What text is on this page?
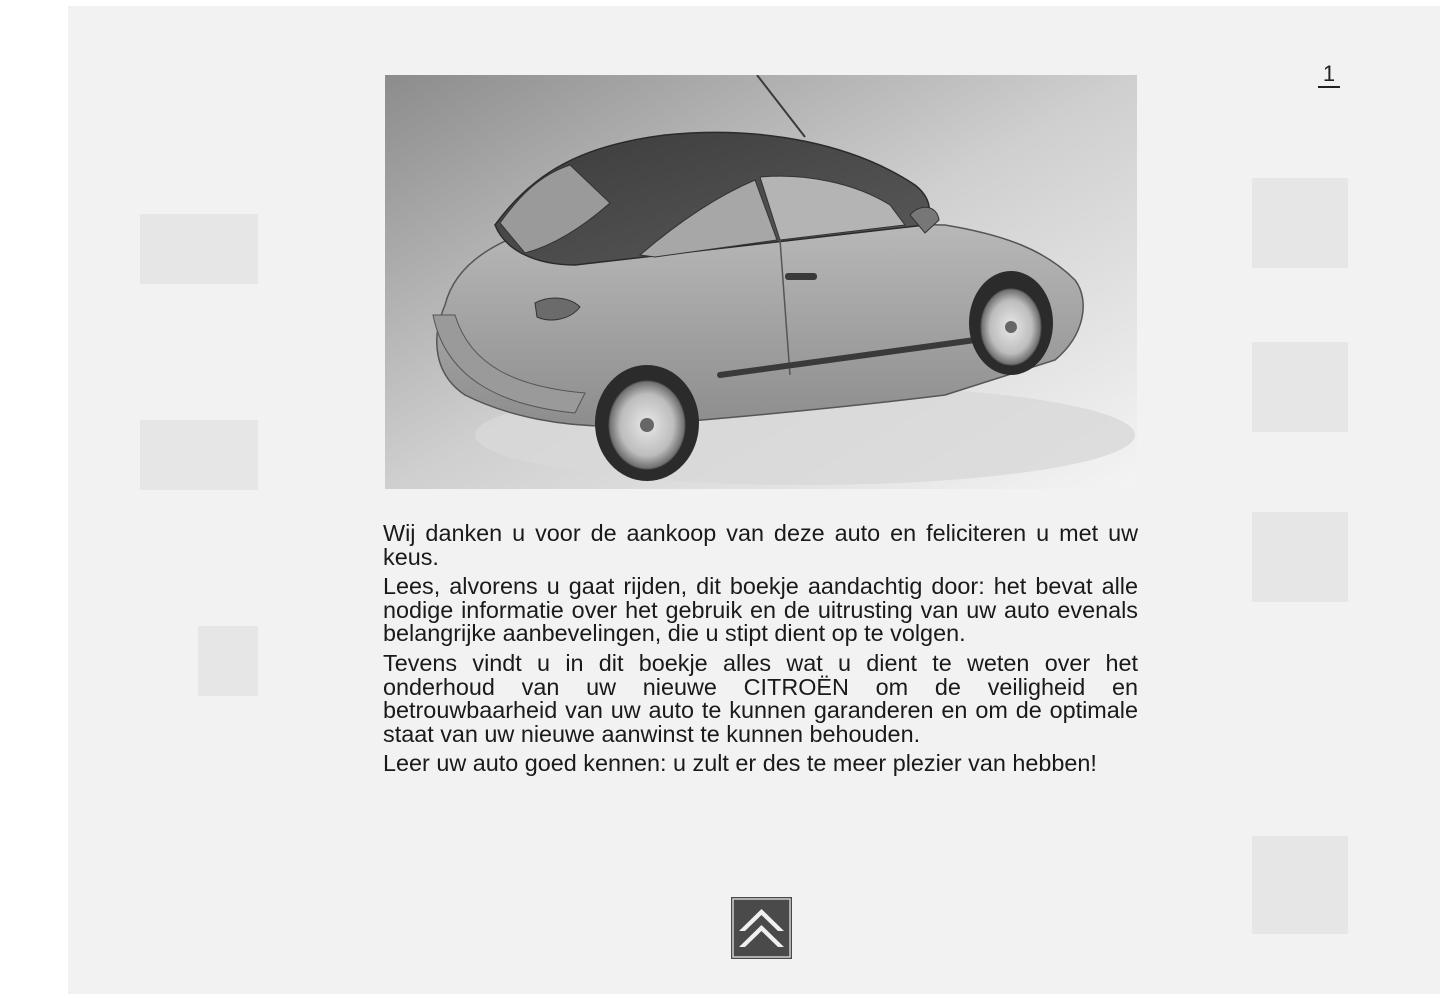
1

Wij danken u voor de aankoop van deze auto en feliciteren u met uw keus.

Lees, alvorens u gaat rijden, dit boekje aandachtig door: het bevat alle nodige informatie over het gebruik en de uitrusting van uw auto evenals belangrijke aanbevelingen, die u stipt dient op te volgen.

Tevens vindt u in dit boekje alles wat u dient te weten over het onderhoud van uw nieuwe CITROËN om de veiligheid en betrouwbaarheid van uw auto te kunnen garanderen en om de optimale staat van uw nieuwe aanwinst te kunnen behouden.

Leer uw auto goed kennen: u zult er des te meer plezier van hebben!
